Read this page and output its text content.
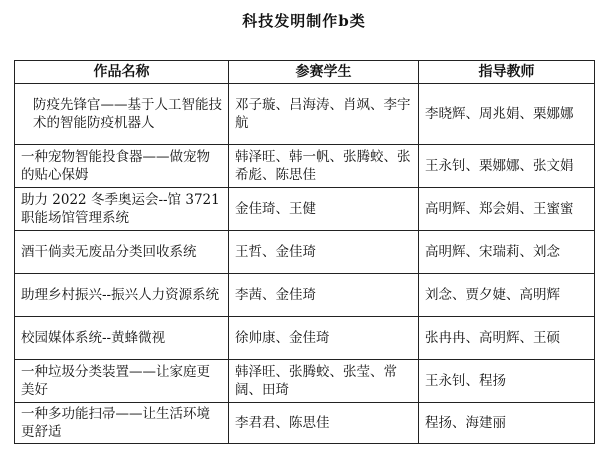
科技发明制作b类
作品名称	参赛学生	指导教师
防疫先锋官——基于人工智能技术的智能防疫机器人	邓子璇、吕海涛、肖飒、李宇航	李晓辉、周兆娟、栗娜娜
一种宠物智能投食器——做宠物的贴心保姆	韩泽旺、韩一帆、张腾蛟、张希彪、陈思佳	王永钊、栗娜娜、张文娟
助力 2022 冬季奥运会--馆 3721 职能场馆管理系统	金佳琦、王健	高明辉、郑会娟、王蜜蜜
酒干倘卖无废品分类回收系统	王哲、金佳琦	高明辉、宋瑞莉、刘念
助理乡村振兴--振兴人力资源系统	李茜、金佳琦	刘念、贾夕婕、高明辉
校园媒体系统--黄蜂微视	徐帅康、金佳琦	张冉冉、高明辉、王硕
一种垃圾分类装置——让家庭更美好	韩泽旺、张腾蛟、张莹、常阔、田琦	王永钊、程扬
一种多功能扫帚——让生活环境更舒适	李君君、陈思佳	程扬、海建丽
